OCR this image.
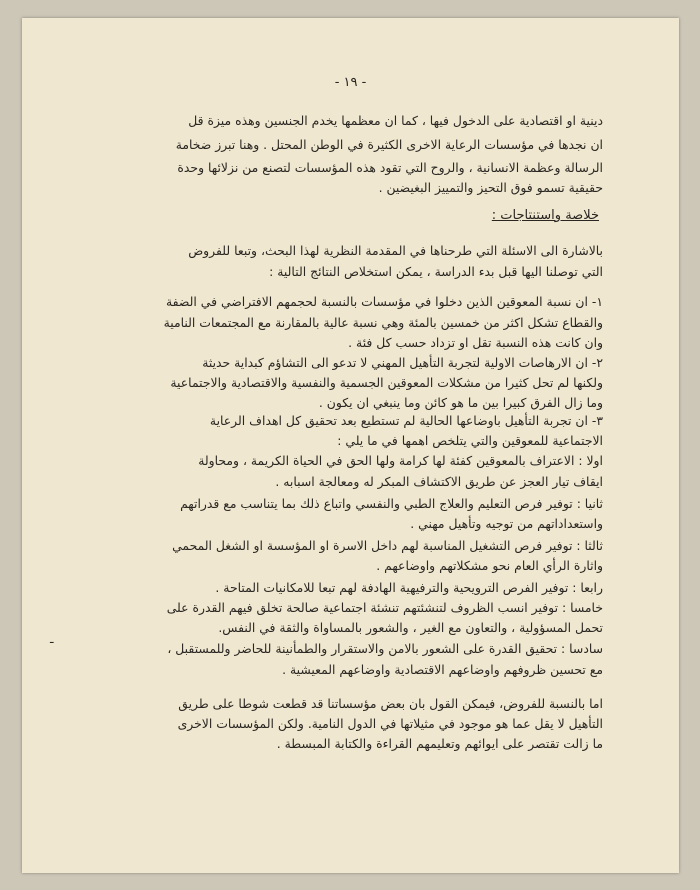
- ١٩ -
دينية او اقتصادية على الدخول فيها ، كما ان معظمها يخدم الجنسين وهذه ميزة قل
ان نجدها في مؤسسات الرعاية الاخرى الكثيرة في الوطن المحتل . وهنا تبرز ضخامة
الرسالة وعظمة الانسانية ، والروح التي تقود هذه المؤسسات لتصنع من نزلائها وحدة
حقيقية تسمو فوق التحيز والتمييز البغيضين .
خلاصة واستنتاجات :
بالاشارة الى الاسئلة التي طرحناها في المقدمة النظرية لهذا البحث، وتبعا للفروض
التي توصلنا اليها قبل بدء الدراسة ، يمكن استخلاص النتائج التالية :
١- ان نسبة المعوقين الذين دخلوا في مؤسسات بالنسبة لحجمهم الافتراضي في الضفة
والقطاع تشكل اكثر من خمسين بالمئة وهي نسبة عالية بالمقارنة مع المجتمعات النامية
وان كانت هذه النسبة تقل او تزداد حسب كل فئة .
٢- ان الارهاصات الاولية لتجربة التأهيل المهني لا تدعو الى التشاؤم كبداية حديثة
ولكنها لم تحل كثيرا من مشكلات المعوقين الجسمية والنفسية والاقتصادية والاجتماعية
وما زال الفرق كبيرا بين ما هو كائن وما ينبغي ان يكون .
٣- ان تجربة التأهيل باوضاعها الحالية لم تستطيع بعد تحقيق كل اهداف الرعاية
الاجتماعية للمعوقين والتي يتلخص اهمها في ما يلي :
اولا : الاعتراف بالمعوقين كفئة لها كرامة ولها الحق في الحياة الكريمة ، ومحاولة
ايقاف تيار العجز عن طريق الاكتشاف المبكر له ومعالجة اسبابه .
ثانيا : توفير فرص التعليم والعلاج الطبي والنفسي واتباع ذلك بما يتناسب مع قدراتهم
واستعداداتهم من توجيه وتأهيل مهني .
ثالثا : توفير فرص التشغيل المناسبة لهم داخل الاسرة او المؤسسة او الشغل المحمي
واثارة الرأي العام نحو مشكلاتهم واوضاعهم .
رابعا : توفير الفرص الترويحية والترفيهية الهادفة لهم تبعا للامكانيات المتاحة .
خامسا : توفير انسب الظروف لتنشئتهم تنشئة اجتماعية صالحة تخلق فيهم القدرة على
تحمل المسؤولية ، والتعاون مع الغير ، والشعور بالمساواة والثقة في النفس.
سادسا : تحقيق القدرة على الشعور بالامن والاستقرار والطمأنينة للحاضر وللمستقبل ،
مع تحسين ظروفهم واوضاعهم الاقتصادية واوضاعهم المعيشية .
ـ
اما بالنسبة للفروض، فيمكن القول بان بعض مؤسساتنا قد قطعت شوطا على طريق
التأهيل لا يقل عما هو موجود في مثيلاتها في الدول النامية. ولكن المؤسسات الاخرى
ما زالت تقتصر على ايوائهم وتعليمهم القراءة والكتابة المبسطة .
